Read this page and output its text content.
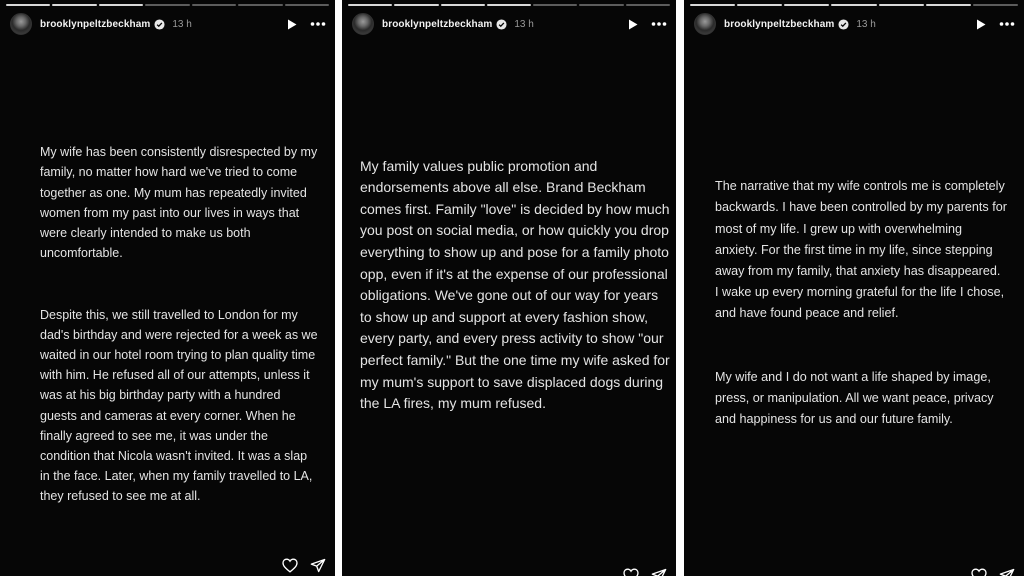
brooklynpeltzbeckham 13 h

My wife has been consistently disrespected by my family, no matter how hard we've tried to come together as one. My mum has repeatedly invited women from my past into our lives in ways that were clearly intended to make us both uncomfortable.

Despite this, we still travelled to London for my dad's birthday and were rejected for a week as we waited in our hotel room trying to plan quality time with him. He refused all of our attempts, unless it was at his big birthday party with a hundred guests and cameras at every corner. When he finally agreed to see me, it was under the condition that Nicola wasn't invited. It was a slap in the face. Later, when my family travelled to LA, they refused to see me at all.

brooklynpeltzbeckham 13 h

My family values public promotion and endorsements above all else. Brand Beckham comes first. Family "love" is decided by how much you post on social media, or how quickly you drop everything to show up and pose for a family photo opp, even if it's at the expense of our professional obligations. We've gone out of our way for years to show up and support at every fashion show, every party, and every press activity to show "our perfect family." But the one time my wife asked for my mum's support to save displaced dogs during the LA fires, my mum refused.

brooklynpeltzbeckham 13 h

The narrative that my wife controls me is completely backwards. I have been controlled by my parents for most of my life. I grew up with overwhelming anxiety. For the first time in my life, since stepping away from my family, that anxiety has disappeared. I wake up every morning grateful for the life I chose, and have found peace and relief.

My wife and I do not want a life shaped by image, press, or manipulation. All we want peace, privacy and happiness for us and our future family.
